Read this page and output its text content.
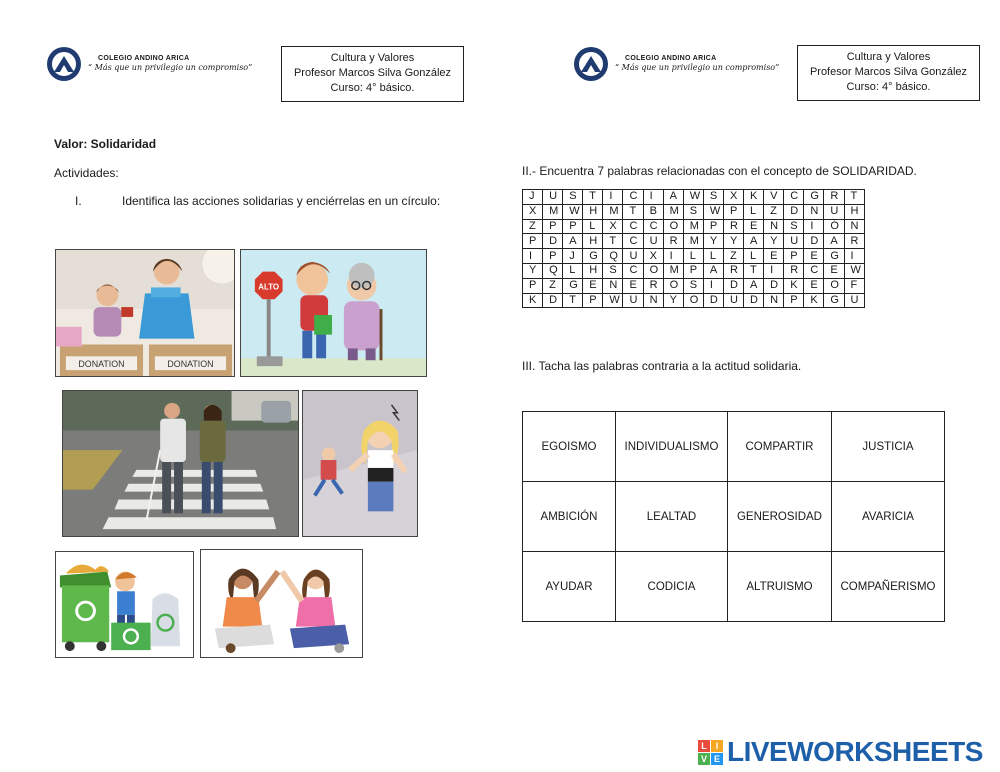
COLEGIO ANDINO ARICA
“ Más que un privilegio un compromiso”
Cultura y Valores
Profesor Marcos Silva González
Curso: 4° básico.
COLEGIO ANDINO ARICA
“ Más que un privilegio un compromiso”
Cultura y Valores
Profesor Marcos Silva González
Curso: 4° básico.
Valor: Solidaridad
Actividades:
I.	Identifica las acciones solidarias y enciérrelas en un círculo:
DONATION	DONATION
ALTO
II.- Encuentra 7 palabras relacionadas con el concepto de SOLIDARIDAD.
J	U	S	T	I	C	I	A	W	S	X	K	V	C	G	R	T
X	M	W	H	M	T	B	M	S	W	P	L	Z	D	N	U	H
Z	P	P	L	X	C	C	O	M	P	R	E	N	S	I	Ó	N
P	D	A	H	T	C	U	R	M	Y	Y	A	Y	U	D	A	R
I	P	J	G	Q	U	X	I	L	L	Z	L	E	P	E	G	I
Y	Q	L	H	S	C	O	M	P	A	R	T	I	R	C	E	W
P	Z	G	E	N	E	R	O	S	I	D	A	D	K	E	O	F
K	D	T	P	W	U	N	Y	O	D	U	D	N	P	K	G	U
III. Tacha las palabras contraria a la actitud solidaria.
EGOISMO	INDIVIDUALISMO	COMPARTIR	JUSTICIA
AMBICIÓN	LEALTAD	GENEROSIDAD	AVARICIA
AYUDAR	CODICIA	ALTRUISMO	COMPAÑERISMO
L I
V E LIVEWORKSHEETS
